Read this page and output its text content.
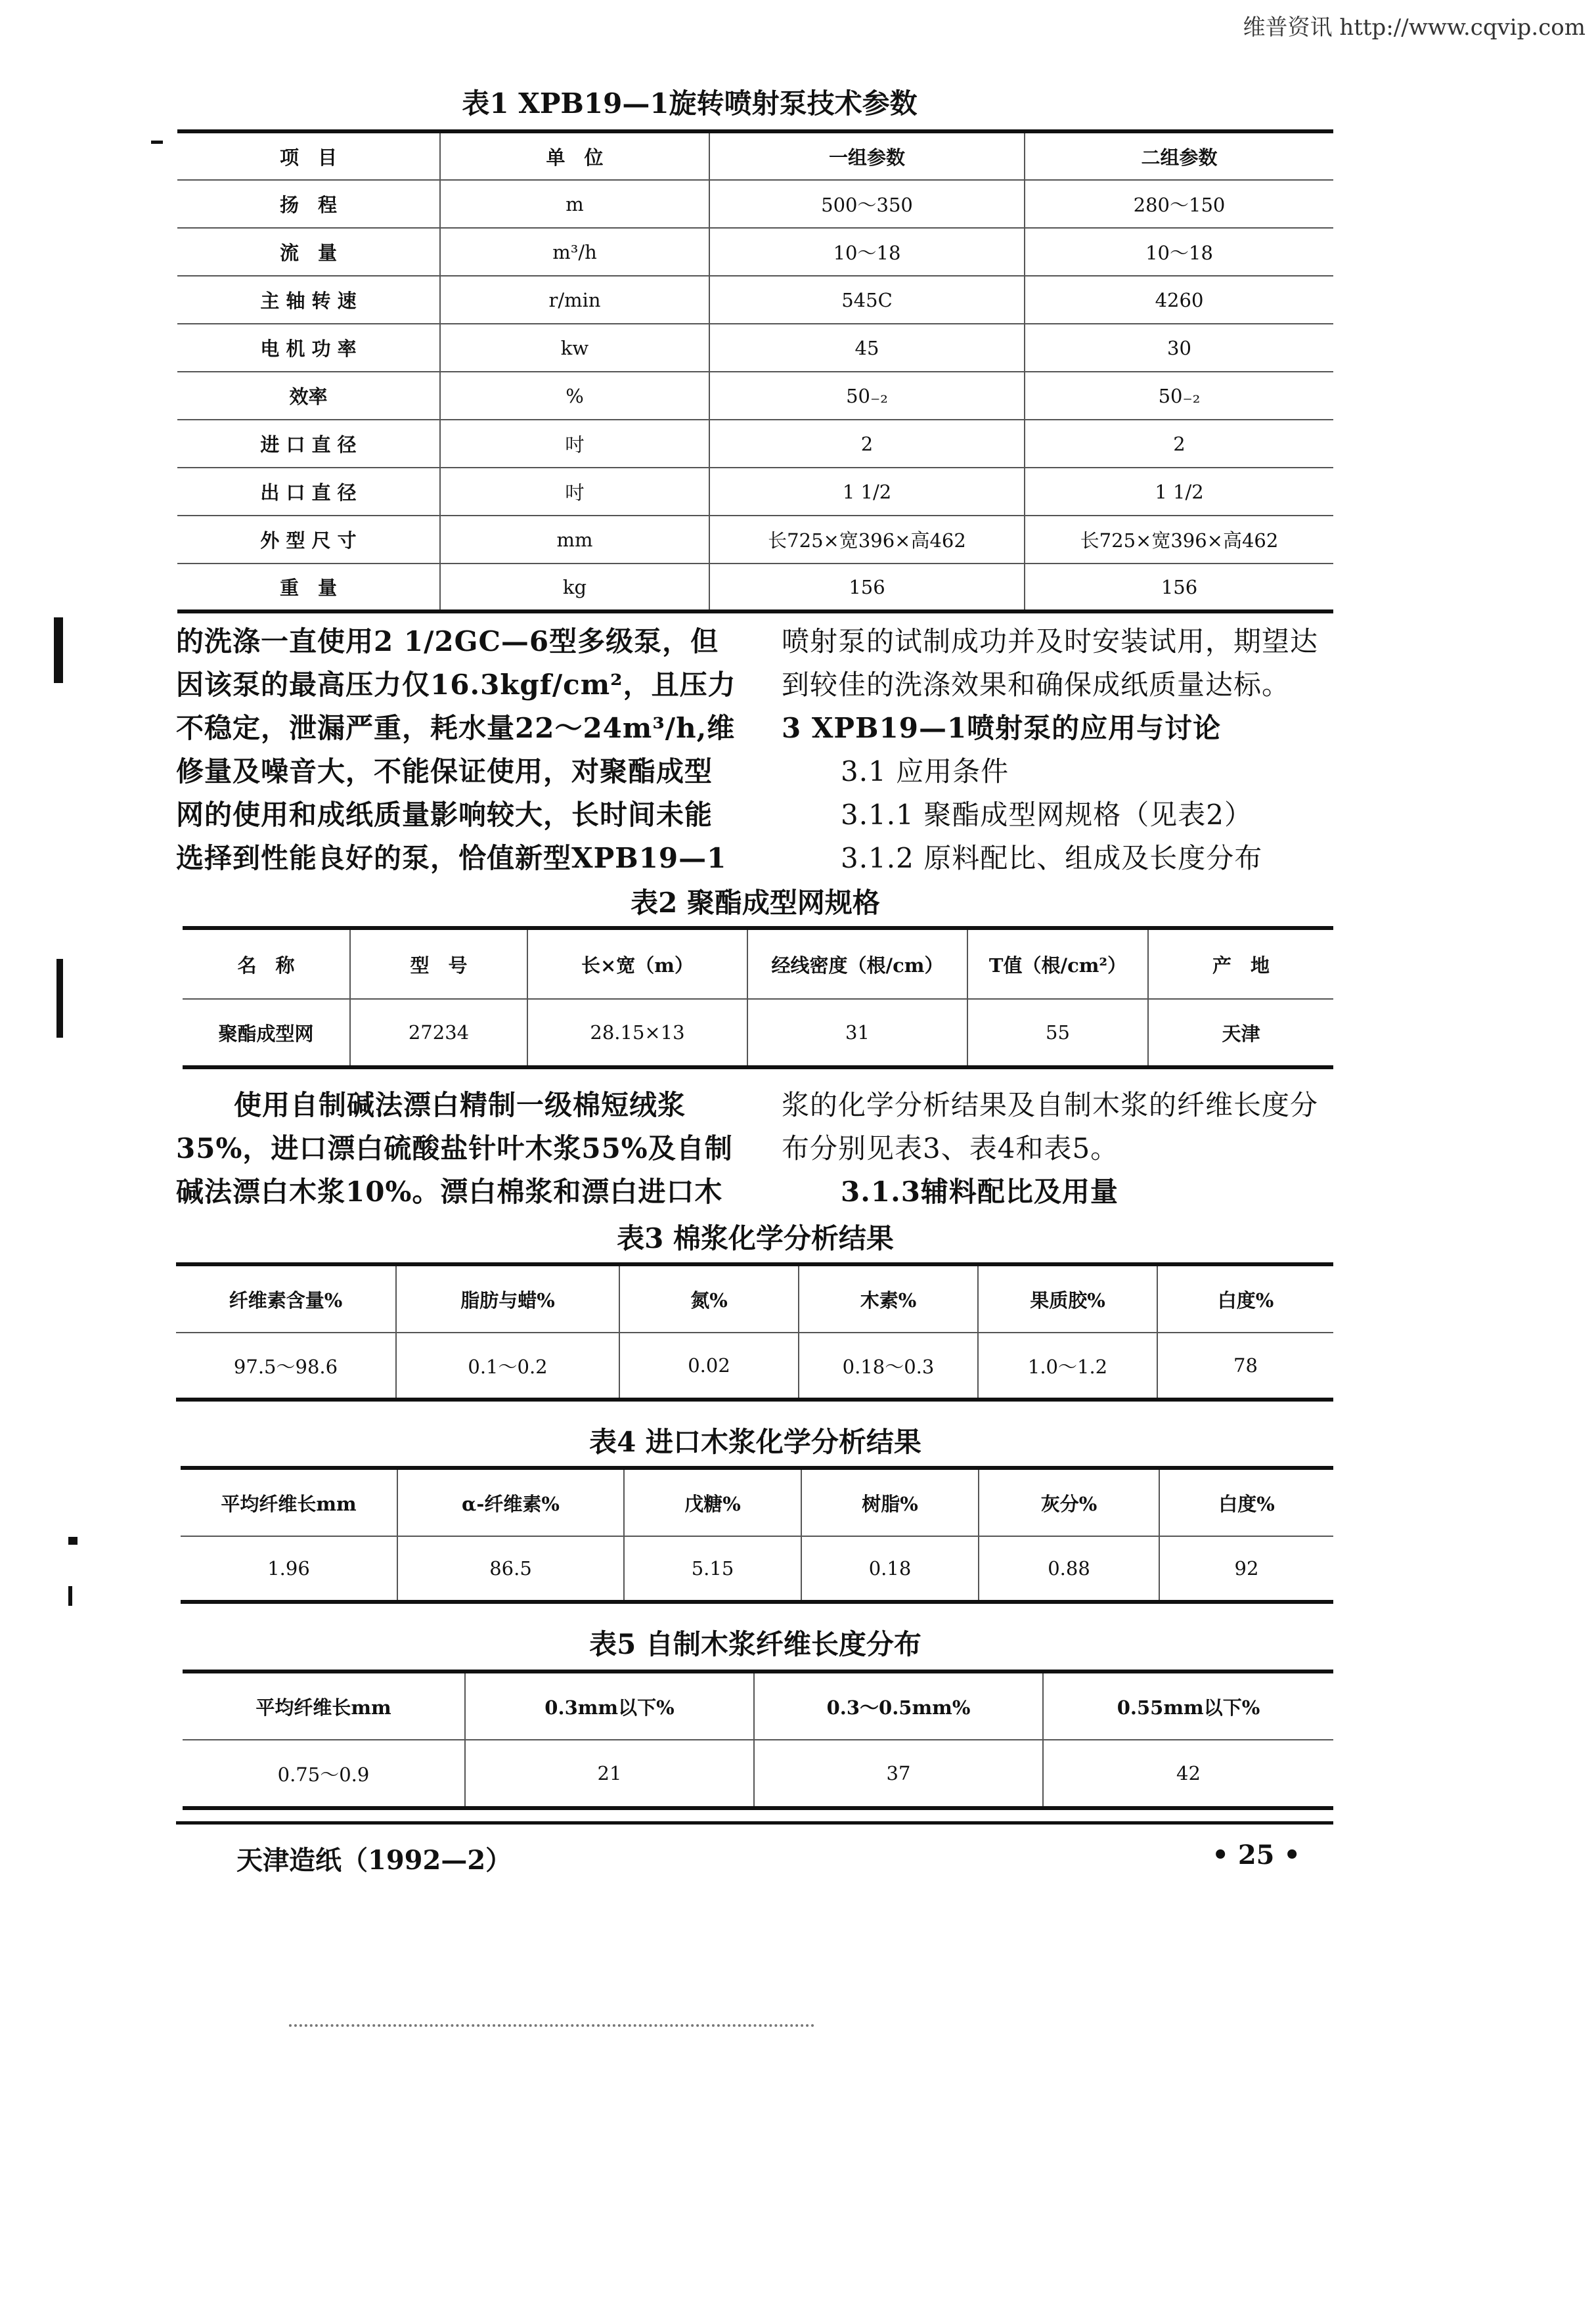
维普资讯 http://www.cqvip.com
表1 XPB19—1旋转喷射泵技术参数
项　目	单　位	一组参数	二组参数
扬　程	m	500～350	280～150
流　量	m³/h	10～18	10～18
主 轴 转 速	r/min	545C	4260
电 机 功 率	kw	45	30
效率	%	50₋₂	50₋₂
进 口 直 径	吋	2	2
出 口 直 径	吋	1 1/2	1 1/2
外 型 尺 寸	mm	长725×宽396×高462	长725×宽396×高462
重　量	kg	156	156
的洗涤一直使用2 1/2GC—6型多级泵，但
因该泵的最高压力仅16.3kgf/cm²，且压力
不稳定，泄漏严重，耗水量22～24m³/h,维
修量及噪音大，不能保证使用，对聚酯成型
网的使用和成纸质量影响较大，长时间未能
选择到性能良好的泵，恰值新型XPB19—1
喷射泵的试制成功并及时安装试用，期望达
到较佳的洗涤效果和确保成纸质量达标。
3 XPB19—1喷射泵的应用与讨论
3.1 应用条件
3.1.1 聚酯成型网规格（见表2）
3.1.2 原料配比、组成及长度分布
表2 聚酯成型网规格
名　称	型　号	长×宽（m）	经线密度（根/cm）	T值（根/cm²）	产　地
聚酯成型网	27234	28.15×13	31	55	天津
使用自制碱法漂白精制一级棉短绒浆
35%，进口漂白硫酸盐针叶木浆55%及自制
碱法漂白木浆10%。漂白棉浆和漂白进口木
浆的化学分析结果及自制木浆的纤维长度分
布分别见表3、表4和表5。
3.1.3辅料配比及用量
表3 棉浆化学分析结果
纤维素含量%	脂肪与蜡%	氮%	木素%	果质胶%	白度%
97.5～98.6	0.1～0.2	0.02	0.18～0.3	1.0～1.2	78
表4 进口木浆化学分析结果
平均纤维长mm	α-纤维素%	戊糖%	树脂%	灰分%	白度%
1.96	86.5	5.15	0.18	0.88	92
表5 自制木浆纤维长度分布
平均纤维长mm	0.3mm以下%	0.3～0.5mm%	0.55mm以下%
0.75～0.9	21	37	42
天津造纸（1992—2）	• 25 •
